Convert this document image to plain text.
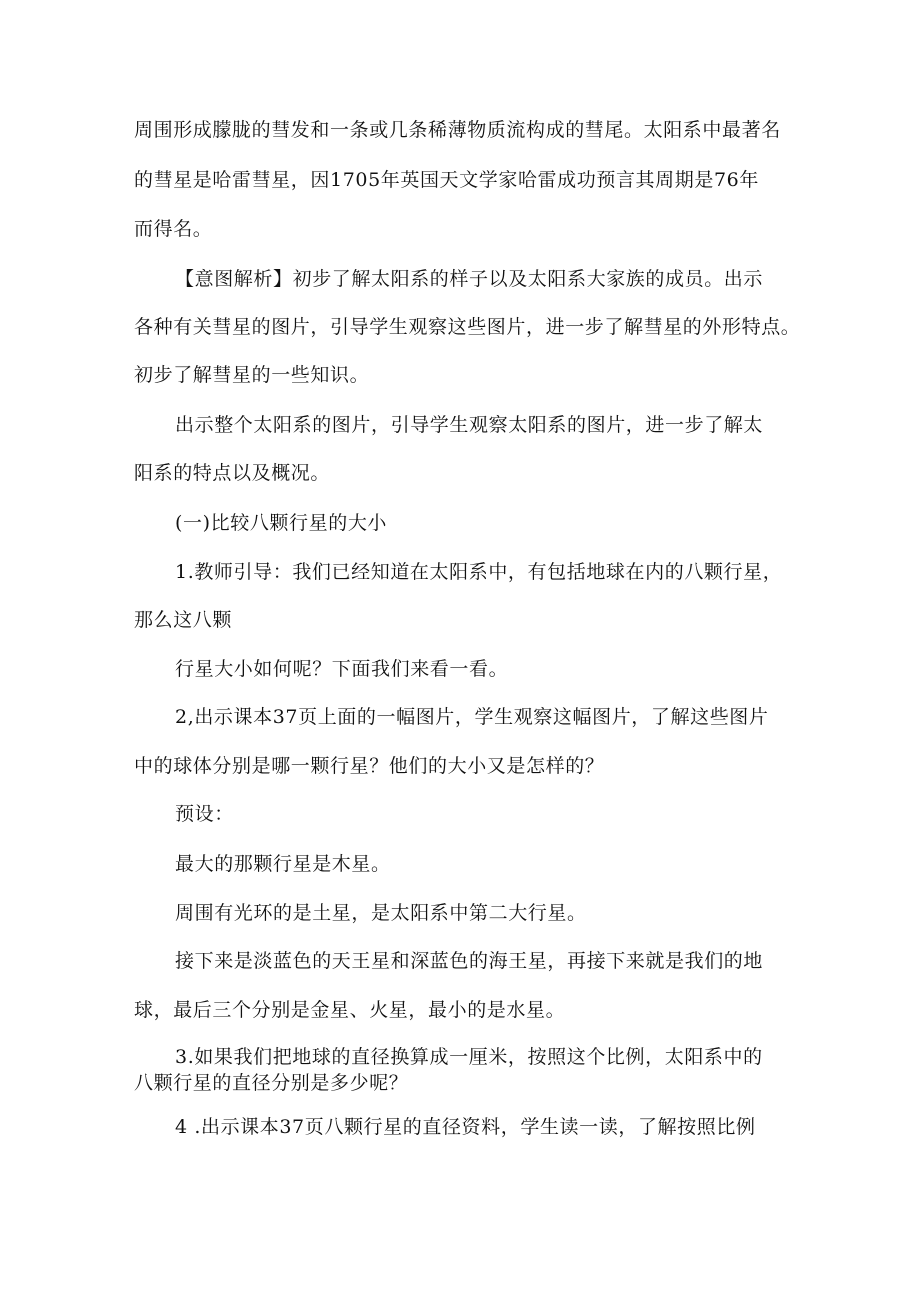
周围形成朦胧的彗发和一条或几条稀薄物质流构成的彗尾。太阳系中最著名
的彗星是哈雷彗星，因1705年英国天文学家哈雷成功预言其周期是76年
而得名。
【意图解析】初步了解太阳系的样子以及太阳系大家族的成员。出示
各种有关彗星的图片，引导学生观察这些图片，进一步了解彗星的外形特点。
初步了解彗星的一些知识。
出示整个太阳系的图片，引导学生观察太阳系的图片，进一步了解太
阳系的特点以及概况。
(一)比较八颗行星的大小
1.教师引导：我们已经知道在太阳系中，有包括地球在内的八颗行星，
那么这八颗
行星大小如何呢？下面我们来看一看。
2,出示课本37页上面的一幅图片，学生观察这幅图片，了解这些图片
中的球体分别是哪一颗行星？他们的大小又是怎样的？
预设：
最大的那颗行星是木星。
周围有光环的是土星，是太阳系中第二大行星。
接下来是淡蓝色的天王星和深蓝色的海王星，再接下来就是我们的地
球，最后三个分别是金星、火星，最小的是水星。
3.如果我们把地球的直径换算成一厘米，按照这个比例，太阳系中的
八颗行星的直径分别是多少呢？
4 .出示课本37页八颗行星的直径资料，学生读一读，了解按照比例
